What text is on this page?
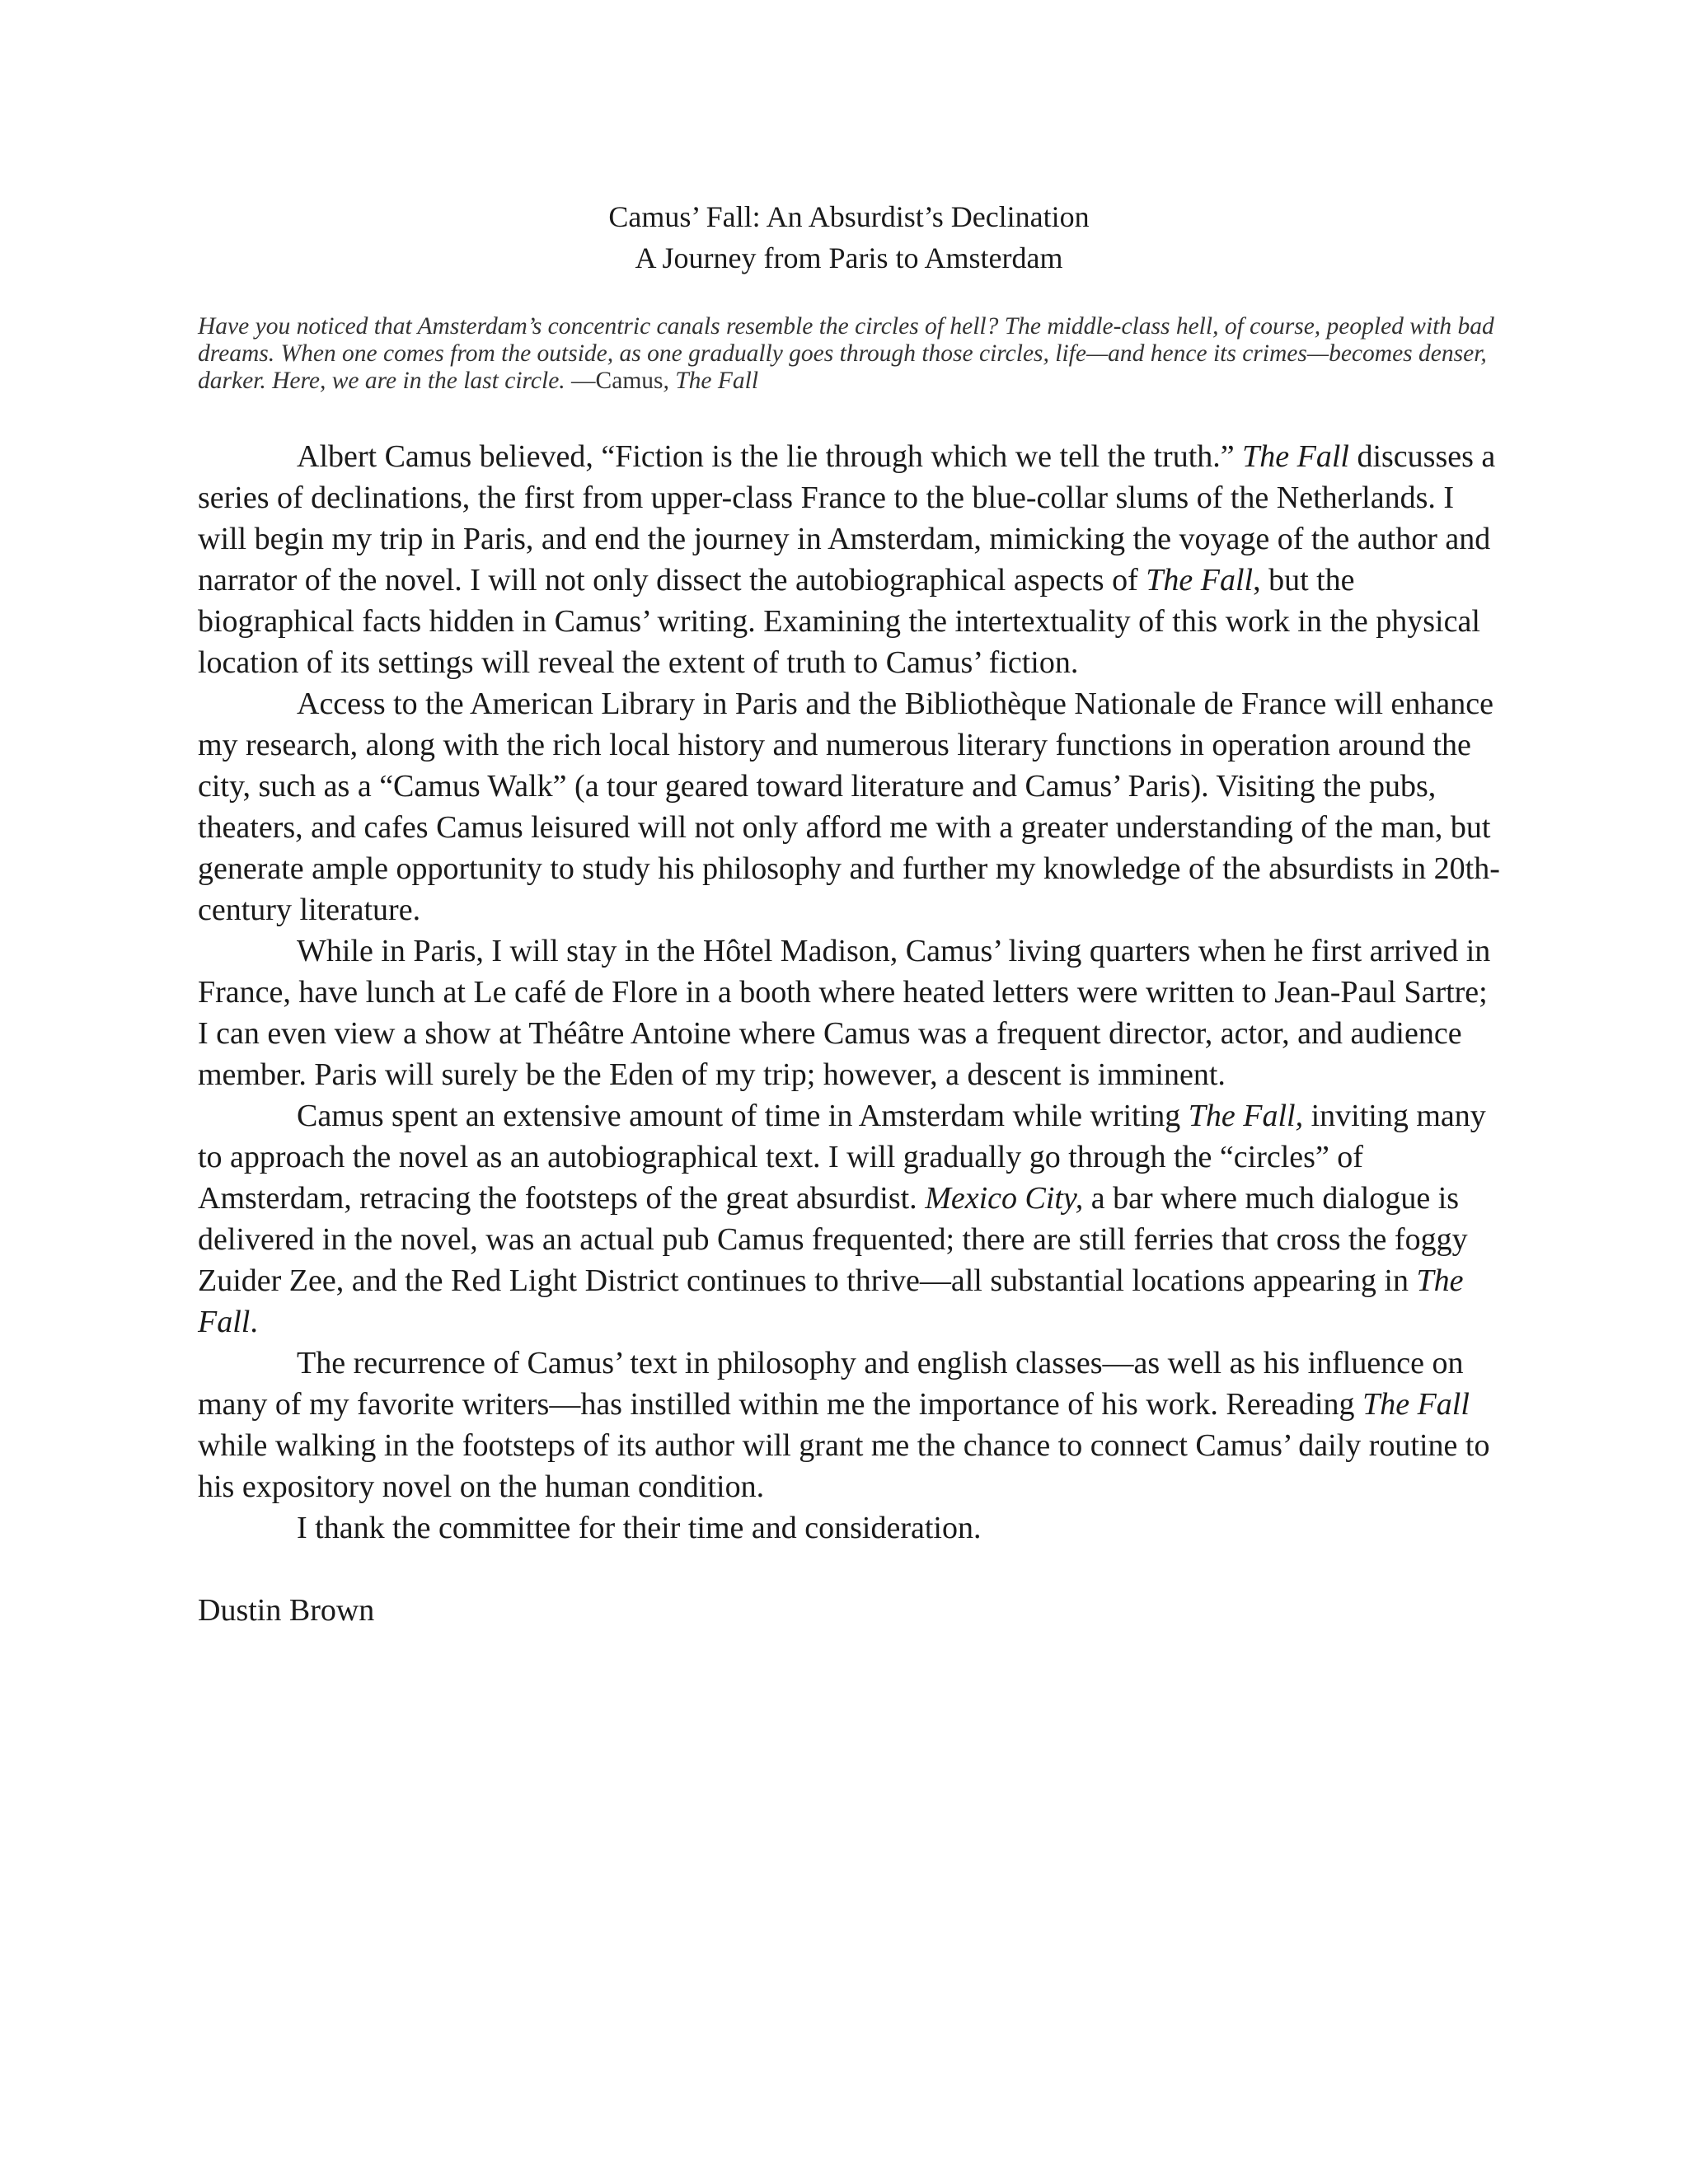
Camus’ Fall: An Absurdist’s Declination
A Journey from Paris to Amsterdam
Have you noticed that Amsterdam’s concentric canals resemble the circles of hell? The middle-class hell, of course, peopled with bad dreams. When one comes from the outside, as one gradually goes through those circles, life—and hence its crimes—becomes denser, darker. Here, we are in the last circle. —Camus, The Fall

Albert Camus believed, “Fiction is the lie through which we tell the truth.” The Fall discusses a series of declinations, the first from upper-class France to the blue-collar slums of the Netherlands. I will begin my trip in Paris, and end the journey in Amsterdam, mimicking the voyage of the author and narrator of the novel. I will not only dissect the autobiographical aspects of The Fall, but the biographical facts hidden in Camus’ writing. Examining the intertextuality of this work in the physical location of its settings will reveal the extent of truth to Camus’ fiction.

Access to the American Library in Paris and the Bibliothèque Nationale de France will enhance my research, along with the rich local history and numerous literary functions in operation around the city, such as a “Camus Walk” (a tour geared toward literature and Camus’ Paris). Visiting the pubs, theaters, and cafes Camus leisured will not only afford me with a greater understanding of the man, but generate ample opportunity to study his philosophy and further my knowledge of the absurdists in 20th-century literature.

While in Paris, I will stay in the Hôtel Madison, Camus’ living quarters when he first arrived in France, have lunch at Le café de Flore in a booth where heated letters were written to Jean-Paul Sartre; I can even view a show at Théâtre Antoine where Camus was a frequent director, actor, and audience member. Paris will surely be the Eden of my trip; however, a descent is imminent.

Camus spent an extensive amount of time in Amsterdam while writing The Fall, inviting many to approach the novel as an autobiographical text. I will gradually go through the “circles” of Amsterdam, retracing the footsteps of the great absurdist. Mexico City, a bar where much dialogue is delivered in the novel, was an actual pub Camus frequented; there are still ferries that cross the foggy Zuider Zee, and the Red Light District continues to thrive—all substantial locations appearing in The Fall.

The recurrence of Camus’ text in philosophy and english classes—as well as his influence on many of my favorite writers—has instilled within me the importance of his work. Rereading The Fall while walking in the footsteps of its author will grant me the chance to connect Camus’ daily routine to his expository novel on the human condition.

I thank the committee for their time and consideration.

Dustin Brown
